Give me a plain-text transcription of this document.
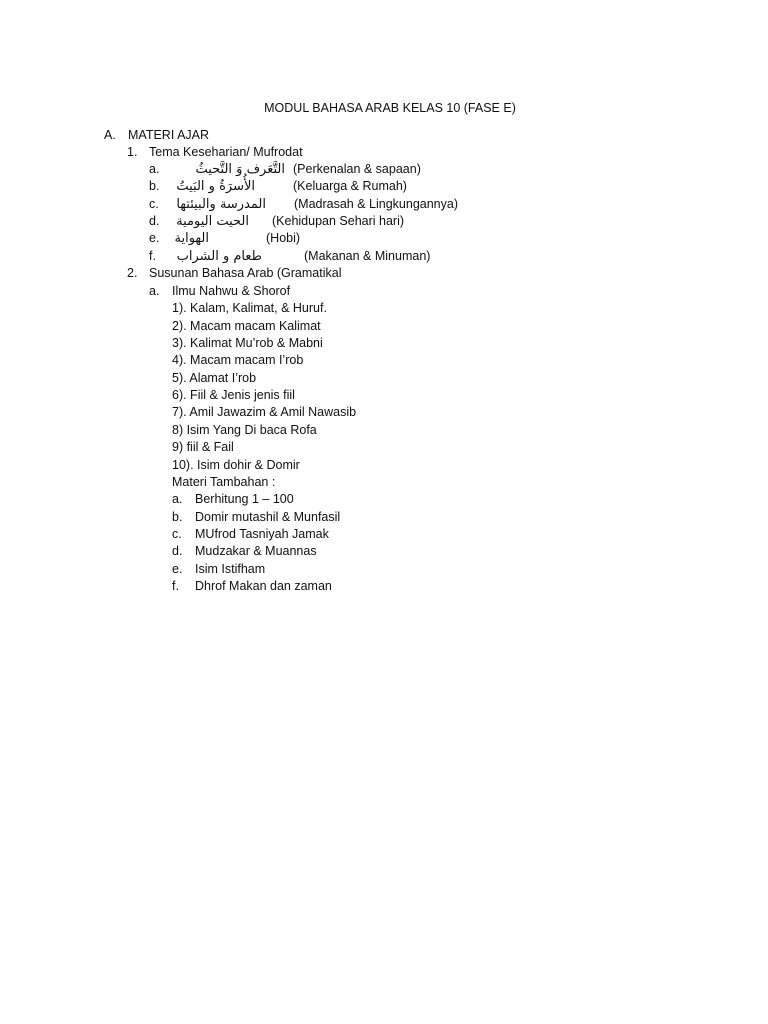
MODUL BAHASA ARAB KELAS 10 (FASE E)
A. MATERI AJAR
1. Tema Keseharian/ Mufrodat
a.	التَّعَرف وَ التَّحيثُ (Perkenalan & sapaan)
b. الأُسرَةُ و البَيتُ	(Keluarga & Rumah)
c. المدرسة والبيئتها (Madrasah & Lingkungannya)
d. الحيت اليومية (Kehidupan Sehari hari)
e. الهواية	(Hobi)
f. طعام و الشراب	(Makanan & Minuman)
2. Susunan Bahasa Arab (Gramatikal
a. Ilmu Nahwu & Shorof
1). Kalam, Kalimat, & Huruf.
2). Macam macam Kalimat
3). Kalimat Mu’rob & Mabni
4). Macam macam I’rob
5). Alamat I’rob
6). Fiil & Jenis jenis fiil
7). Amil Jawazim & Amil Nawasib
8) Isim Yang Di baca Rofa
9) fiil & Fail
10). Isim dohir & Domir
Materi Tambahan :
a. Berhitung 1 – 100
b. Domir mutashil & Munfasil
c. MUfrod Tasniyah Jamak
d. Mudzakar & Muannas
e. Isim Istifham
f. Dhrof Makan dan zaman
